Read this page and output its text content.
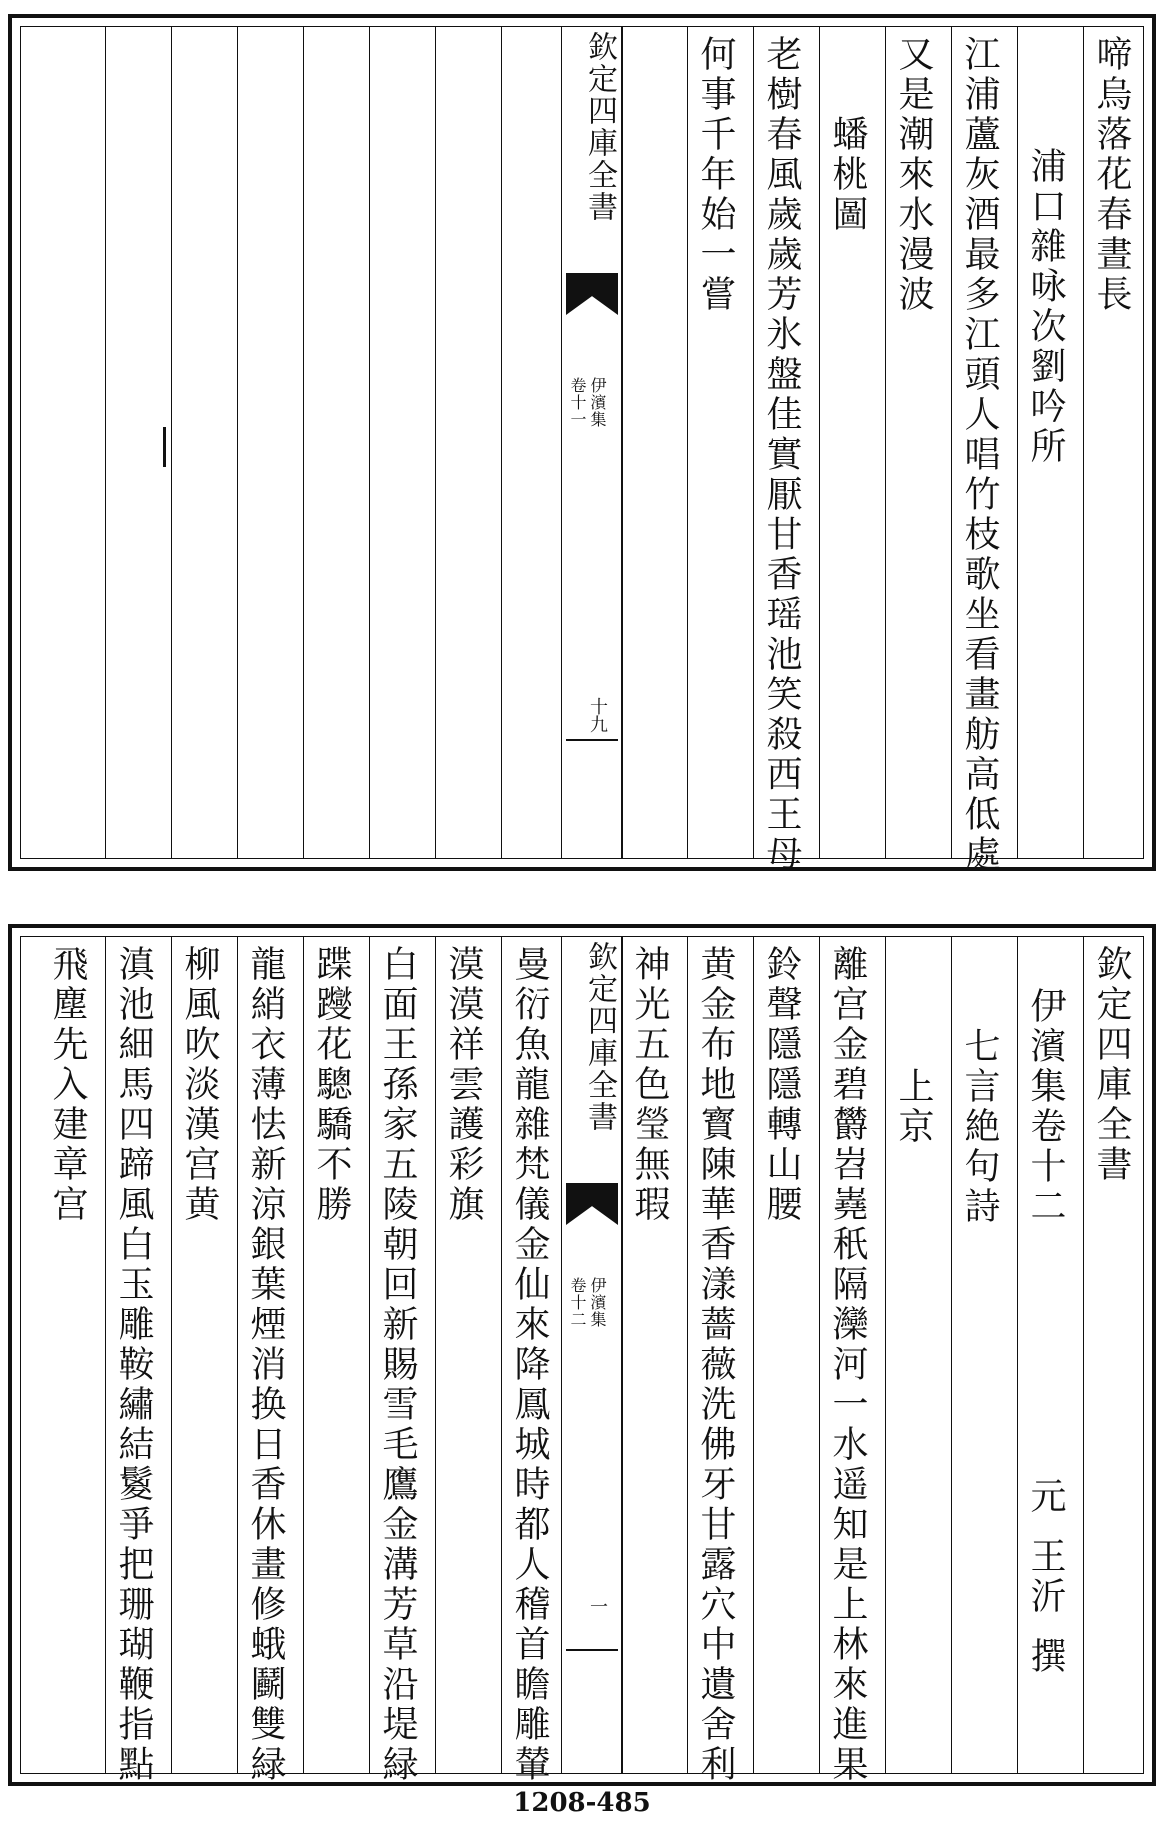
啼烏落花春晝長
浦口雜咏次劉吟所
江浦蘆灰酒最多江頭人唱竹枝歌坐看畫舫高低處
又是潮來水漫波
蟠桃圖
老樹春風歲歲芳氷盤佳實厭甘香瑶池笑殺西王母
何事千年始一嘗
欽定四庫全書
伊濱集
卷十一
十九
欽定四庫全書
伊濱集卷十二
元
王沂
撰
七言絶句詩
上京
離宫金碧欝岧嶤秖隔灤河一水遥知是上林來進果
鈴聲隱隱轉山腰
黄金布地寳陳華香漾薔薇洗佛牙甘露穴中遺舍利
神光五色瑩無瑕
欽定四庫全書
伊濱集
卷十二
一
曼衍魚龍雜梵儀金仙來降鳳城時都人稽首瞻雕輦
漠漠祥雲護彩旗
白面王孫家五陵朝回新賜雪毛鷹金溝芳草沿堤緑
蹀躞花驄驕不勝
龍綃衣薄怯新涼銀葉煙消换日香休畫修蛾鬬雙緑
柳風吹淡漢宫黄
滇池細馬四蹄風白玉雕鞍繡結鬉爭把珊瑚鞭指點
飛塵先入建章宫
1208-485
